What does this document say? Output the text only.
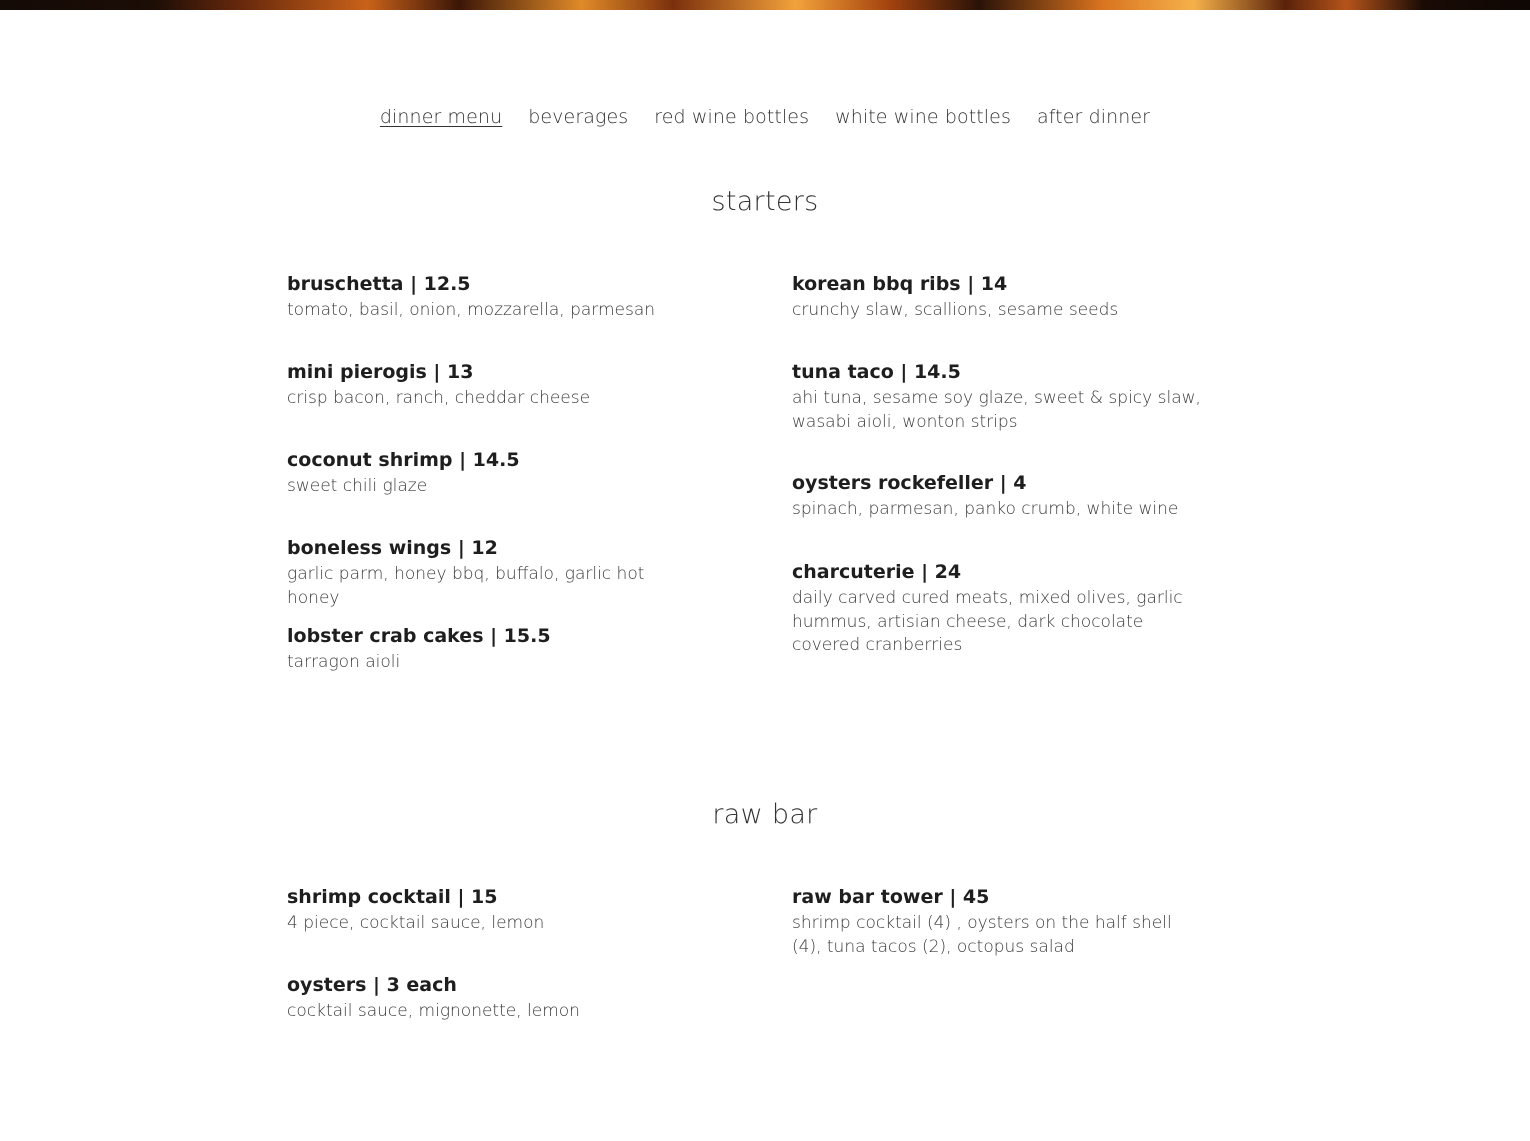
dinner menu beverages red wine bottles white wine bottles after dinner
starters
bruschetta | 12.5
tomato, basil, onion, mozzarella, parmesan
mini pierogis | 13
crisp bacon, ranch, cheddar cheese
coconut shrimp | 14.5
sweet chili glaze
boneless wings | 12
garlic parm, honey bbq, buffalo, garlic hot honey
lobster crab cakes | 15.5
tarragon aioli
korean bbq ribs | 14
crunchy slaw, scallions, sesame seeds
tuna taco | 14.5
ahi tuna, sesame soy glaze, sweet & spicy slaw, wasabi aioli, wonton strips
oysters rockefeller | 4
spinach, parmesan, panko crumb, white wine
charcuterie | 24
daily carved cured meats, mixed olives, garlic hummus, artisian cheese, dark chocolate covered cranberries
raw bar
shrimp cocktail | 15
4 piece, cocktail sauce, lemon
oysters | 3 each
cocktail sauce, mignonette, lemon
raw bar tower | 45
shrimp cocktail (4) , oysters on the half shell (4), tuna tacos (2), octopus salad
